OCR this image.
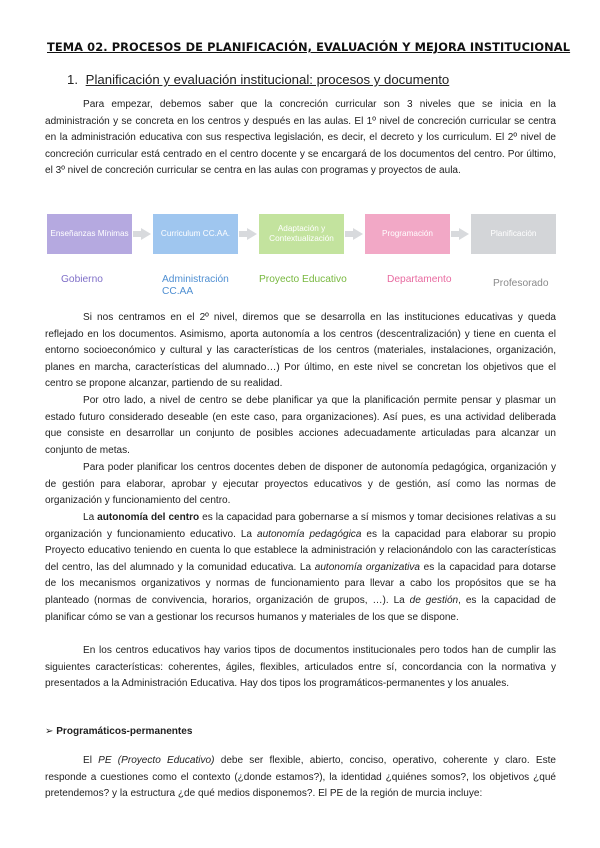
TEMA 02. PROCESOS DE PLANIFICACIÓN, EVALUACIÓN Y MEJORA INSTITUCIONAL
1. Planificación y evaluación institucional: procesos y documento

Para empezar, debemos saber que la concreción curricular son 3 niveles que se inicia en la administración y se concreta en los centros y después en las aulas. El 1º nivel de concreción curricular se centra en la administración educativa con sus respectiva legislación, es decir, el decreto y los curriculum. El 2º nivel de concreción curricular está centrado en el centro docente y se encargará de los documentos del centro. Por último, el 3º nivel de concreción curricular se centra en las aulas con programas y proyectos de aula.

Enseñanzas Mínimas	Curriculum CC.AA.
Adaptación y Contextualización
Programación	Planificación
Gobierno	Administración CC.AA
Proyecto Educativo	Departamento	Profesorado

Si nos centramos en el 2º nivel, diremos que se desarrolla en las instituciones educativas y queda reflejado en los documentos. Asimismo, aporta autonomía a los centros (descentralización) y tiene en cuenta el entorno socioeconómico y cultural y las características de los centros (materiales, instalaciones, organización, planes en marcha, características del alumnado…) Por último, en este nivel se concretan los objetivos que el centro se propone alcanzar, partiendo de su realidad.

Por otro lado, a nivel de centro se debe planificar ya que la planificación permite pensar y plasmar un estado futuro considerado deseable (en este caso, para organizaciones). Así pues, es una actividad deliberada que consiste en desarrollar un conjunto de posibles acciones adecuadamente articuladas para alcanzar un conjunto de metas.

Para poder planificar los centros docentes deben de disponer de autonomía pedagógica, organización y de gestión para elaborar, aprobar y ejecutar proyectos educativos y de gestión, así como las normas de organización y funcionamiento del centro.

La autonomía del centro es la capacidad para gobernarse a sí mismos y tomar decisiones relativas a su organización y funcionamiento educativo. La autonomía pedagógica es la capacidad para elaborar su propio Proyecto educativo teniendo en cuenta lo que establece la administración y relacionándolo con las características del centro, las del alumnado y la comunidad educativa. La autonomía organizativa es la capacidad para dotarse de los mecanismos organizativos y normas de funcionamiento para llevar a cabo los propósitos que se ha planteado (normas de convivencia, horarios, organización de grupos, …). La de gestión, es la capacidad de planificar cómo se van a gestionar los recursos humanos y materiales de los que se dispone.

En los centros educativos hay varios tipos de documentos institucionales pero todos han de cumplir las siguientes características: coherentes, ágiles, flexibles, articulados entre sí, concordancia con la normativa y presentados a la Administración Educativa. Hay dos tipos los programáticos-permanentes y los anuales.

➢ Programáticos-permanentes

El PE (Proyecto Educativo) debe ser flexible, abierto, conciso, operativo, coherente y claro. Este responde a cuestiones como el contexto (¿donde estamos?), la identidad ¿quiénes somos?, los objetivos ¿qué pretendemos? y la estructura ¿de qué medios disponemos?. El PE de la región de murcia incluye:
